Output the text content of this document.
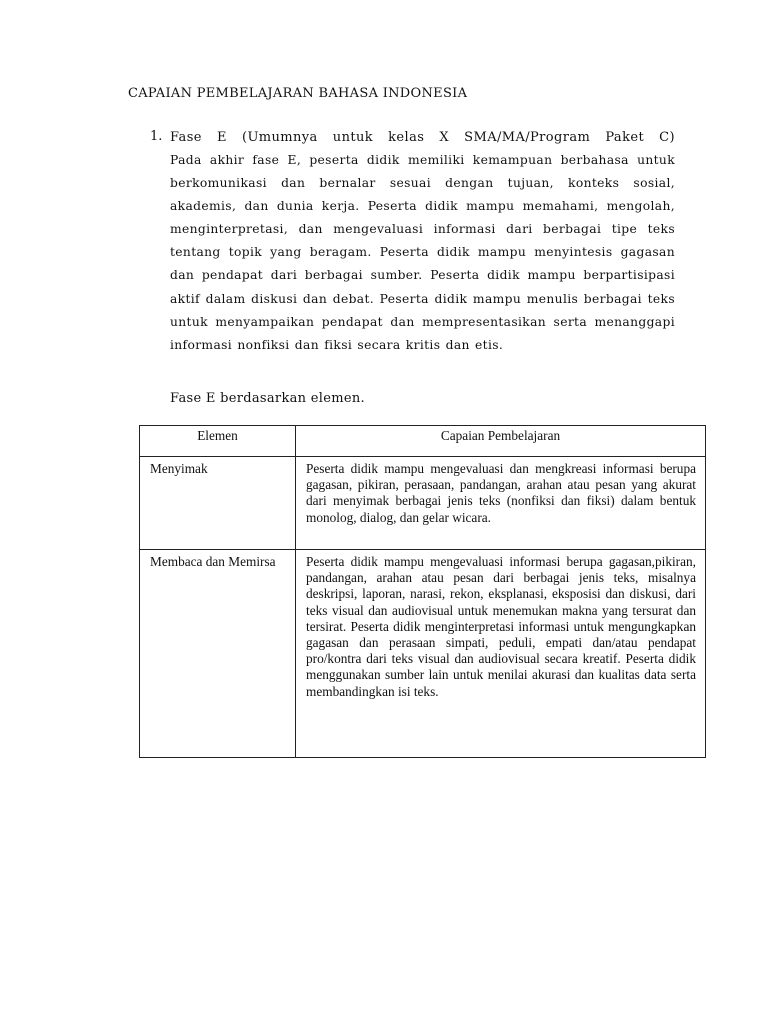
CAPAIAN PEMBELAJARAN BAHASA INDONESIA
1. Fase E (Umumnya untuk kelas X SMA/MA/Program Paket C)

Pada akhir fase E, peserta didik memiliki kemampuan berbahasa untuk berkomunikasi dan bernalar sesuai dengan tujuan, konteks sosial, akademis, dan dunia kerja. Peserta didik mampu memahami, mengolah, menginterpretasi, dan mengevaluasi informasi dari berbagai tipe teks tentang topik yang beragam. Peserta didik mampu menyintesis gagasan dan pendapat dari berbagai sumber. Peserta didik mampu berpartisipasi aktif dalam diskusi dan debat. Peserta didik mampu menulis berbagai teks untuk menyampaikan pendapat dan mempresentasikan serta menanggapi informasi nonfiksi dan fiksi secara kritis dan etis.

Fase E berdasarkan elemen.
Elemen	Capaian Pembelajaran
Menyimak	Peserta didik mampu mengevaluasi dan mengkreasi informasi berupa gagasan, pikiran, perasaan, pandangan, arahan atau pesan yang akurat dari menyimak berbagai jenis teks (nonfiksi dan fiksi) dalam bentuk monolog, dialog, dan gelar wicara.
Membaca dan Memirsa	Peserta didik mampu mengevaluasi informasi berupa gagasan,pikiran, pandangan, arahan atau pesan dari berbagai jenis teks, misalnya deskripsi, laporan, narasi, rekon, eksplanasi, eksposisi dan diskusi, dari teks visual dan audiovisual untuk menemukan makna yang tersurat dan tersirat. Peserta didik menginterpretasi informasi untuk mengungkapkan gagasan dan perasaan simpati, peduli, empati dan/atau pendapat pro/kontra dari teks visual dan audiovisual secara kreatif. Peserta didik menggunakan sumber lain untuk menilai akurasi dan kualitas data serta membandingkan isi teks.
